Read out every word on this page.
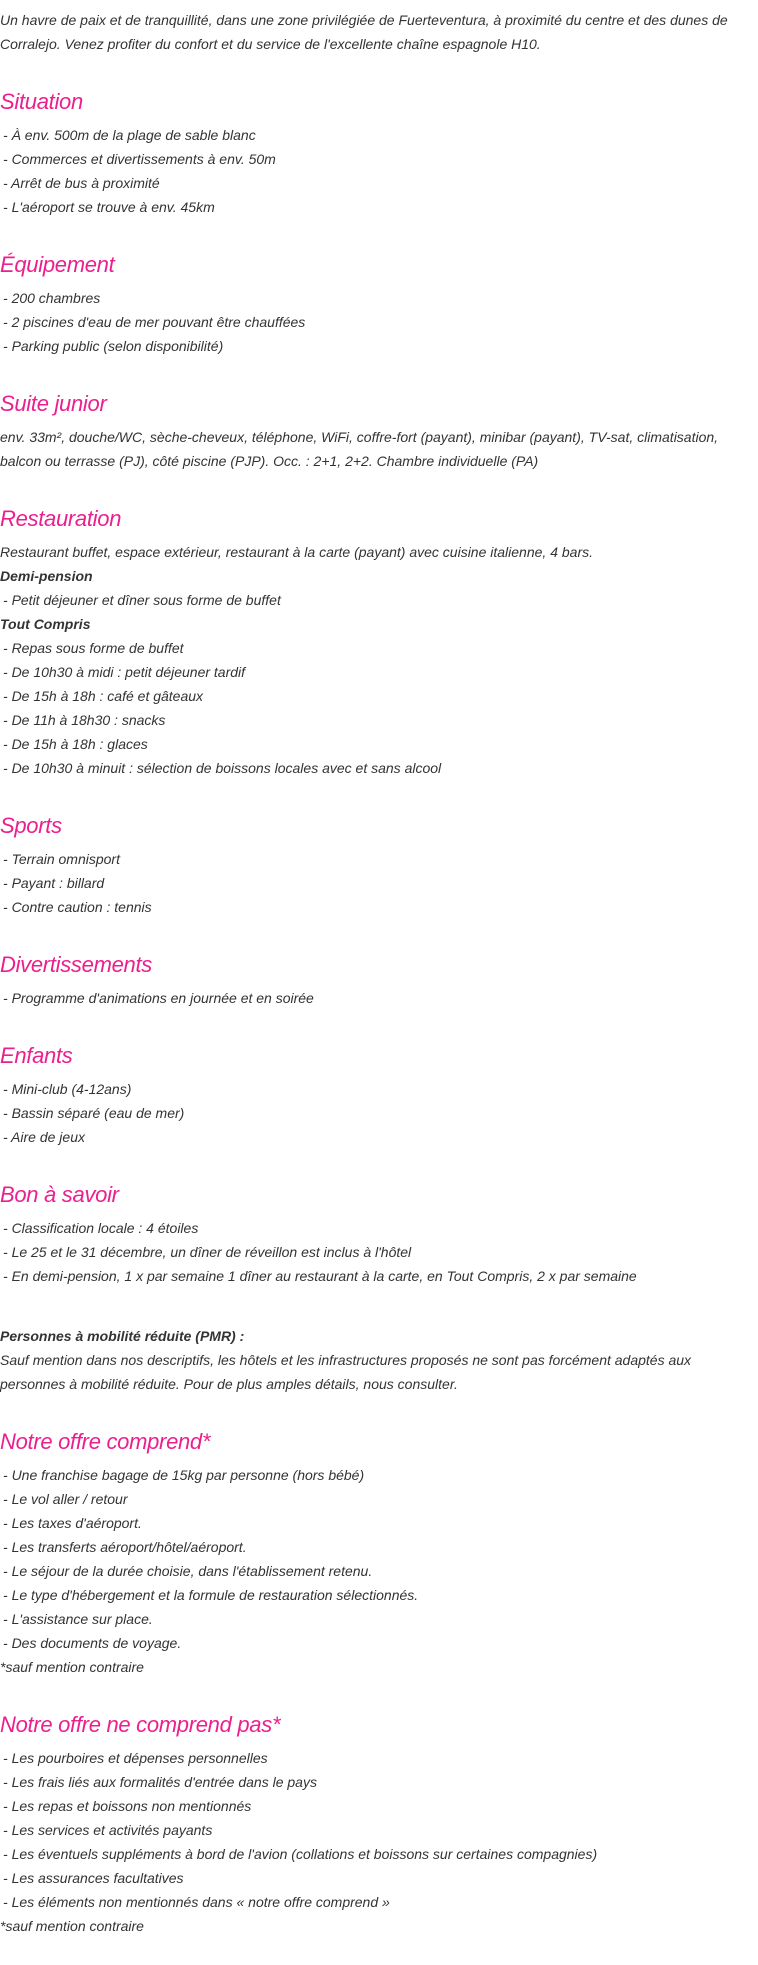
Un havre de paix et de tranquillité, dans une zone privilégiée de Fuerteventura, à proximité du centre et des dunes de Corralejo. Venez profiter du confort et du service de l'excellente chaîne espagnole H10.

Situation
- À env. 500m de la plage de sable blanc
- Commerces et divertissements à env. 50m
- Arrêt de bus à proximité
- L'aéroport se trouve à env. 45km
Équipement
- 200 chambres
- 2 piscines d'eau de mer pouvant être chauffées
- Parking public (selon disponibilité)
Suite junior

env. 33m², douche/WC, sèche-cheveux, téléphone, WiFi, coffre-fort (payant), minibar (payant), TV-sat, climatisation, balcon ou terrasse (PJ), côté piscine (PJP). Occ. : 2+1, 2+2. Chambre individuelle (PA)

Restauration

Restaurant buffet, espace extérieur, restaurant à la carte (payant) avec cuisine italienne, 4 bars.

Demi-pension

- Petit déjeuner et dîner sous forme de buffet

Tout Compris

- Repas sous forme de buffet
- De 10h30 à midi : petit déjeuner tardif
- De 15h à 18h : café et gâteaux
- De 11h à 18h30 : snacks
- De 15h à 18h : glaces
- De 10h30 à minuit : sélection de boissons locales avec et sans alcool
Sports
- Terrain omnisport
- Payant : billard
- Contre caution : tennis
Divertissements
- Programme d'animations en journée et en soirée
Enfants
- Mini-club (4-12ans)
- Bassin séparé (eau de mer)
- Aire de jeux
Bon à savoir
- Classification locale : 4 étoiles
- Le 25 et le 31 décembre, un dîner de réveillon est inclus à l'hôtel
- En demi-pension, 1 x par semaine 1 dîner au restaurant à la carte, en Tout Compris, 2 x par semaine

Personnes à mobilité réduite (PMR) :

Sauf mention dans nos descriptifs, les hôtels et les infrastructures proposés ne sont pas forcément adaptés aux personnes à mobilité réduite. Pour de plus amples détails, nous consulter.

Notre offre comprend*
- Une franchise bagage de 15kg par personne (hors bébé)
- Le vol aller / retour
- Les taxes d'aéroport.
- Les transferts aéroport/hôtel/aéroport.
- Le séjour de la durée choisie, dans l'établissement retenu.
- Le type d'hébergement et la formule de restauration sélectionnés.
- L'assistance sur place.
- Des documents de voyage.
*sauf mention contraire
Notre offre ne comprend pas*
- Les pourboires et dépenses personnelles
- Les frais liés aux formalités d'entrée dans le pays
- Les repas et boissons non mentionnés
- Les services et activités payants
- Les éventuels suppléments à bord de l'avion (collations et boissons sur certaines compagnies)
- Les assurances facultatives
- Les éléments non mentionnés dans « notre offre comprend »
*sauf mention contraire
